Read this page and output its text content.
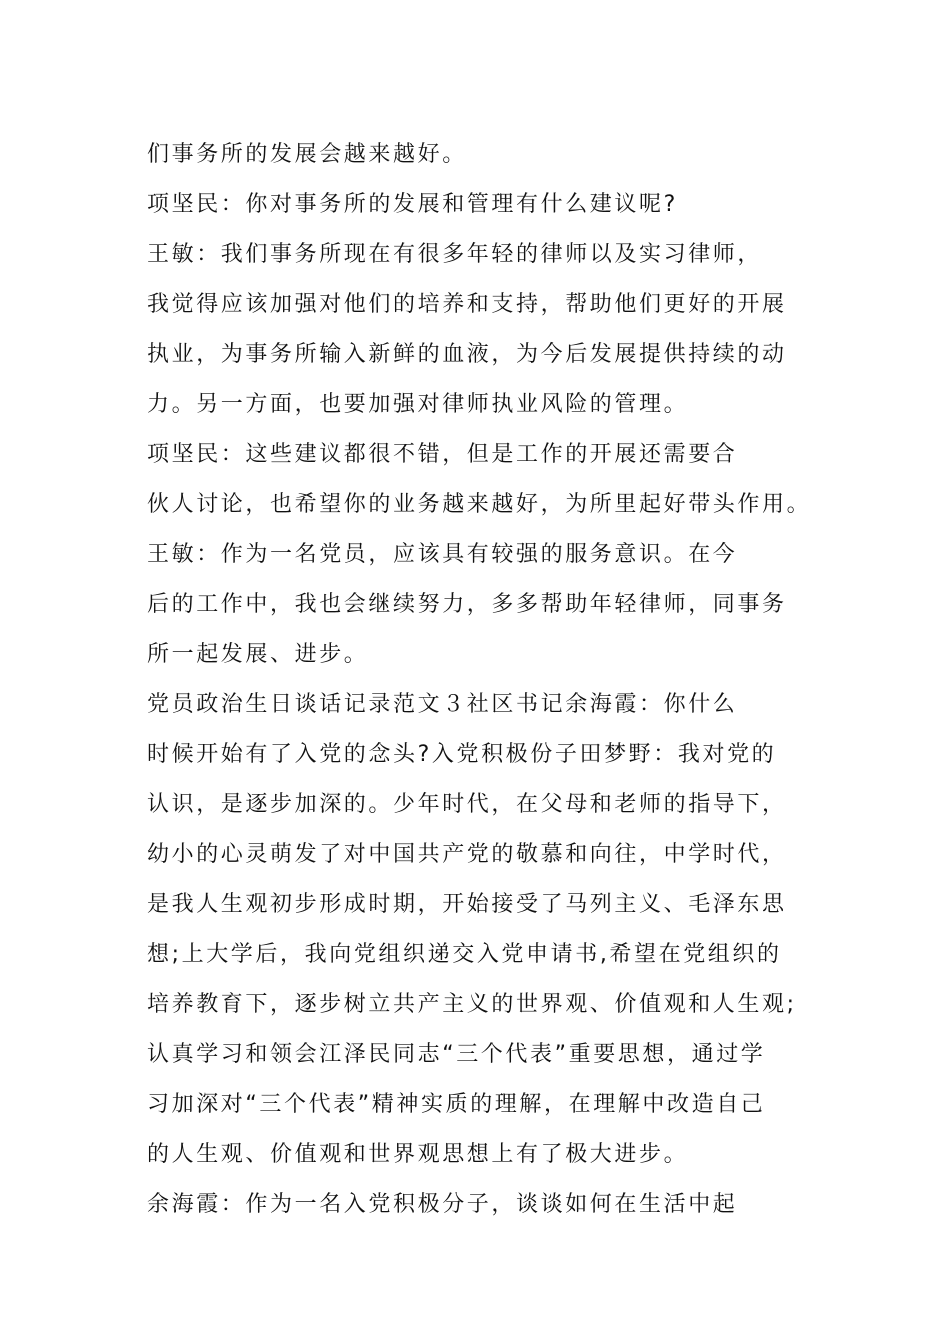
们事务所的发展会越来越好。
项坚民：你对事务所的发展和管理有什么建议呢?
王敏：我们事务所现在有很多年轻的律师以及实习律师，
我觉得应该加强对他们的培养和支持，帮助他们更好的开展
执业，为事务所输入新鲜的血液，为今后发展提供持续的动
力。另一方面，也要加强对律师执业风险的管理。
项坚民：这些建议都很不错，但是工作的开展还需要合
伙人讨论，也希望你的业务越来越好，为所里起好带头作用。
王敏：作为一名党员，应该具有较强的服务意识。在今
后的工作中，我也会继续努力，多多帮助年轻律师，同事务
所一起发展、进步。
党员政治生日谈话记录范文３社区书记余海霞：你什么
时候开始有了入党的念头?入党积极份子田梦野：我对党的
认识，是逐步加深的。少年时代，在父母和老师的指导下，
幼小的心灵萌发了对中国共产党的敬慕和向往，中学时代，
是我人生观初步形成时期，开始接受了马列主义、毛泽东思
想;上大学后，我向党组织递交入党申请书,希望在党组织的
培养教育下，逐步树立共产主义的世界观、价值观和人生观;
认真学习和领会江泽民同志“三个代表”重要思想，通过学
习加深对“三个代表”精神实质的理解，在理解中改造自己
的人生观、价值观和世界观思想上有了极大进步。
余海霞：作为一名入党积极分子，谈谈如何在生活中起
